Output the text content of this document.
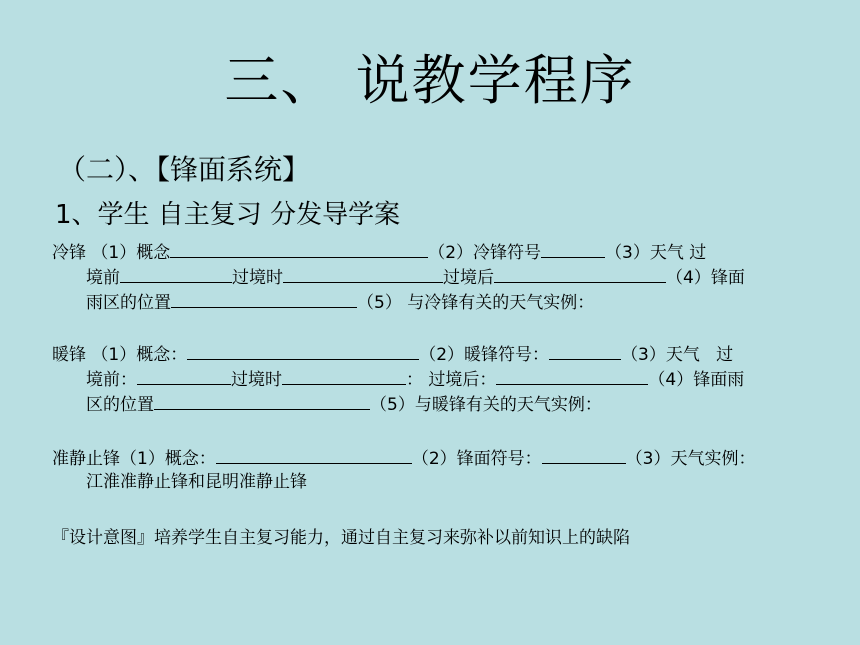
三、 说教学程序
（二）、【锋面系统】
1、学生 自主复习 分发导学案
冷锋 （1）概念	（2）冷锋符号	（3）天气 过
境前	过境时	过境后	（4）锋面
雨区的位置	（5） 与冷锋有关的天气实例：
暖锋 （1）概念：	（2）暖锋符号：	（3）天气   过
境前：	过境时	： 过境后：	（4）锋面雨
区的位置	（5）与暖锋有关的天气实例：
准静止锋（1）概念：	（2）锋面符号：	（3）天气实例：
江淮准静止锋和昆明准静止锋
『设计意图』培养学生自主复习能力，通过自主复习来弥补以前知识上的缺陷
